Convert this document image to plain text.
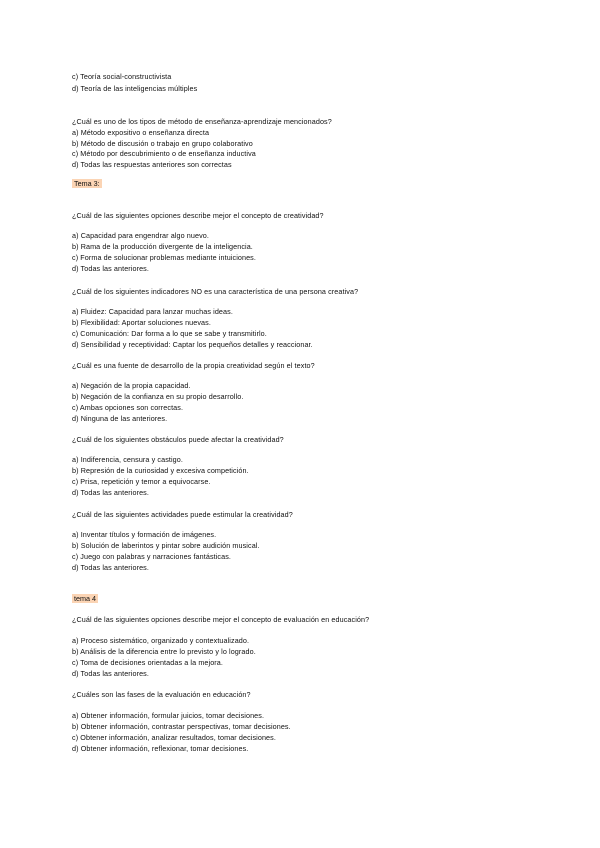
c) Teoría social-constructivista
d) Teoría de las inteligencias múltiples
¿Cuál es uno de los tipos de método de enseñanza-aprendizaje mencionados?
a) Método expositivo o enseñanza directa
b) Método de discusión o trabajo en grupo colaborativo
c) Método por descubrimiento o de enseñanza inductiva
d) Todas las respuestas anteriores son correctas
Tema 3:
¿Cuál de las siguientes opciones describe mejor el concepto de creatividad?
a) Capacidad para engendrar algo nuevo.
b) Rama de la producción divergente de la inteligencia.
c) Forma de solucionar problemas mediante intuiciones.
d) Todas las anteriores.
¿Cuál de los siguientes indicadores NO es una característica de una persona creativa?
a) Fluidez: Capacidad para lanzar muchas ideas.
b) Flexibilidad: Aportar soluciones nuevas.
c) Comunicación: Dar forma a lo que se sabe y transmitirlo.
d) Sensibilidad y receptividad: Captar los pequeños detalles y reaccionar.
¿Cuál es una fuente de desarrollo de la propia creatividad según el texto?
a) Negación de la propia capacidad.
b) Negación de la confianza en su propio desarrollo.
c) Ambas opciones son correctas.
d) Ninguna de las anteriores.
¿Cuál de los siguientes obstáculos puede afectar la creatividad?
a) Indiferencia, censura y castigo.
b) Represión de la curiosidad y excesiva competición.
c) Prisa, repetición y temor a equivocarse.
d) Todas las anteriores.
¿Cuál de las siguientes actividades puede estimular la creatividad?
a) Inventar títulos y formación de imágenes.
b) Solución de laberintos y pintar sobre audición musical.
c) Juego con palabras y narraciones fantásticas.
d) Todas las anteriores.
tema 4
¿Cuál de las siguientes opciones describe mejor el concepto de evaluación en educación?
a) Proceso sistemático, organizado y contextualizado.
b) Análisis de la diferencia entre lo previsto y lo logrado.
c) Toma de decisiones orientadas a la mejora.
d) Todas las anteriores.
¿Cuáles son las fases de la evaluación en educación?
a) Obtener información, formular juicios, tomar decisiones.
b) Obtener información, contrastar perspectivas, tomar decisiones.
c) Obtener información, analizar resultados, tomar decisiones.
d) Obtener información, reflexionar, tomar decisiones.
